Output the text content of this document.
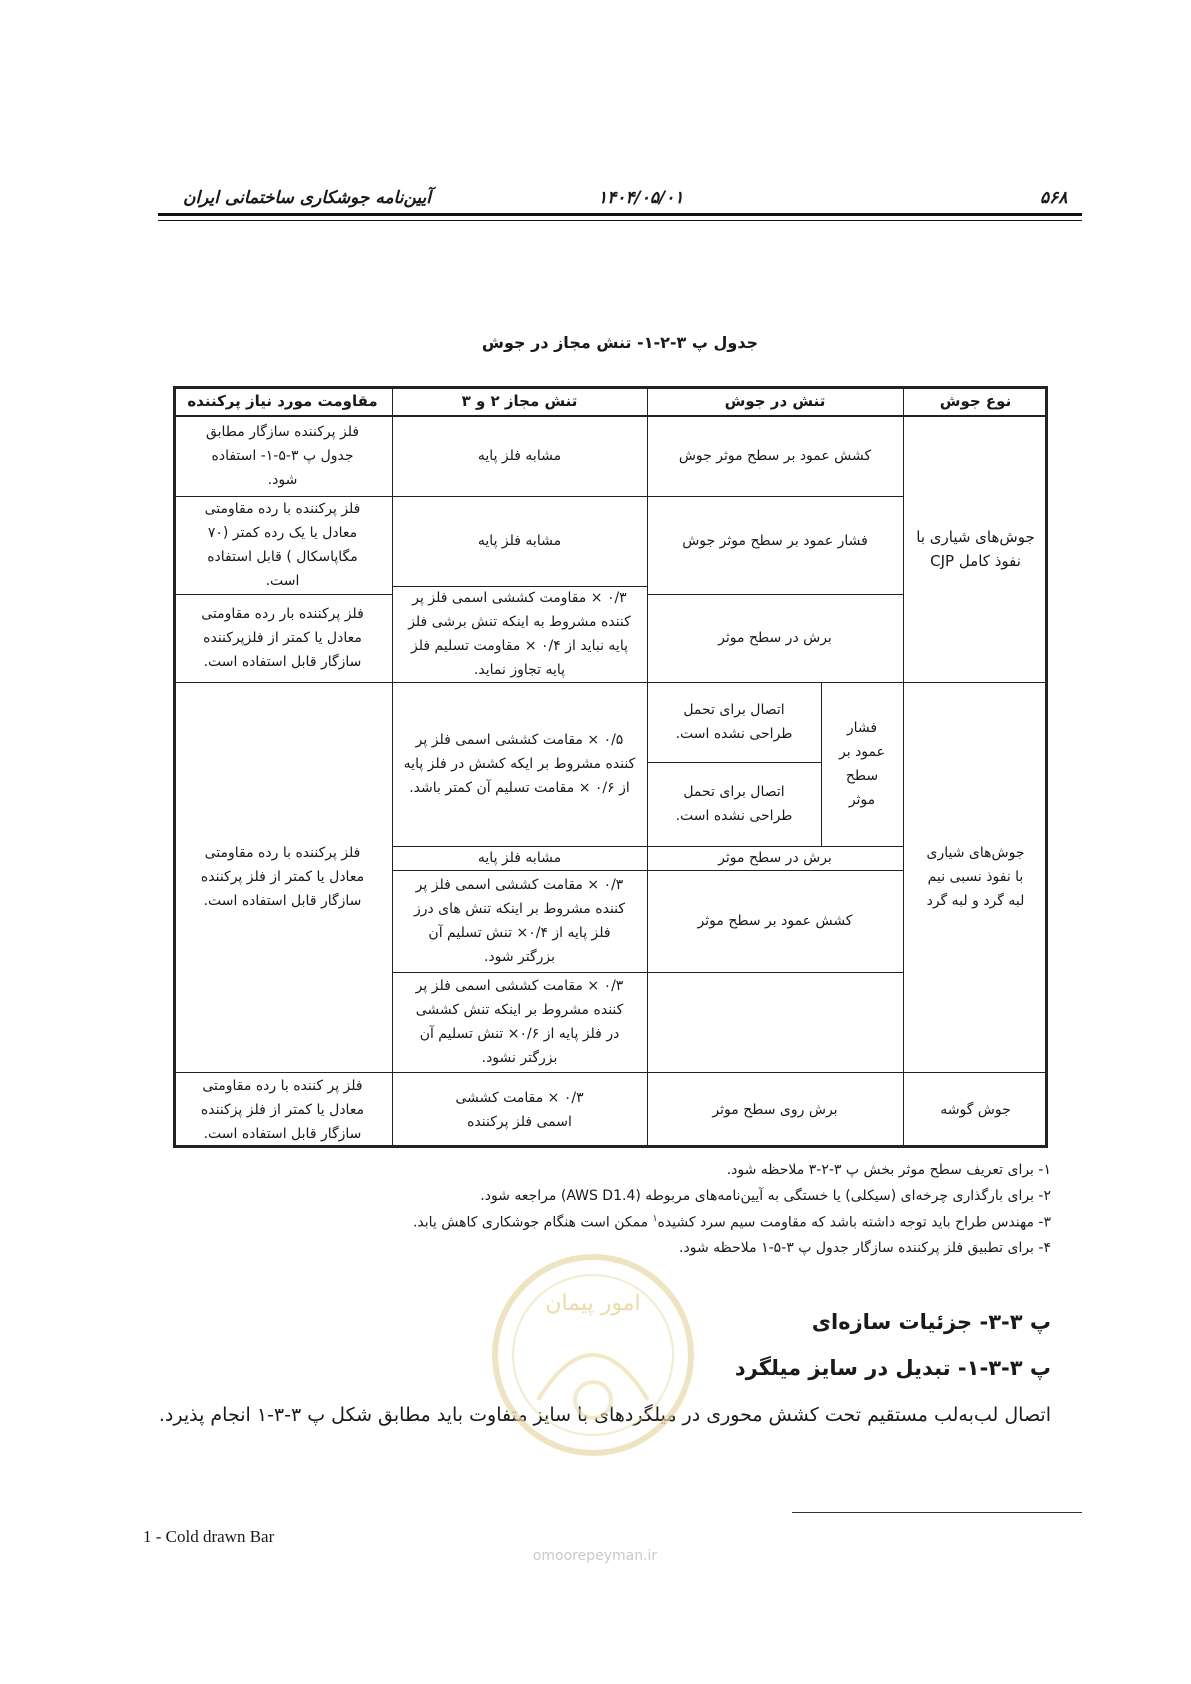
آیین‌نامه جوشکاری ساختمانی ایران	۱۴۰۴/۰۵/۰۱	۵۶۸
جدول پ ۳-۲-۱- تنش مجاز در جوش
نوع جوش
تنش در جوش
تنش مجاز ۲ و ۳
مقاومت مورد نیاز پرکننده
جوش‌های شیاری با نفوذ کامل CJP
کشش عمود بر سطح موثر جوش
مشابه فلز پایه
فلز پرکننده سازگار مطابق جدول پ ۳-۵-۱- استفاده شود.
فشار عمود بر سطح موثر جوش
مشابه فلز پایه
فلز پرکننده با رده مقاومتی معادل یا یک رده کمتر (۷۰ مگاپاسکال ) قابل استفاده است.
برش در سطح موثر
۰/۳ × مقاومت کششی اسمی فلز پر کننده مشروط به اینکه تنش برشی فلز پایه نباید از ۰/۴ × مقاومت تسلیم فلز پایه تجاوز نماید.
فلز پرکننده بار رده مقاومتی معادل یا کمتر از فلزپرکننده سازگار قابل استفاده است.
جوش‌های شیاری با نفوذ نسبی نیم لبه گرد و لبه گرد
فشار عمود بر سطح موثر
اتصال برای تحمل طراحی نشده است.
اتصال برای تحمل طراحی نشده است.
۰/۵ × مقامت کششی اسمی فلز پر کننده مشروط بر ایکه کشش در فلز پایه از ۰/۶ × مقامت تسلیم آن کمتر باشد.
برش در سطح موثر
مشابه فلز پایه
کشش عمود بر سطح موثر
۰/۳ × مقامت کششی اسمی فلز پر کننده مشروط بر اینکه تنش های درز فلز پایه از ۰/۴× تنش تسلیم آن بزرگتر شود.
۰/۳ × مقامت کششی اسمی فلز پر کننده مشروط بر اینکه تنش کششی در فلز پایه از ۰/۶× تنش تسلیم آن بزرگتر نشود.
فلز پرکننده با رده مقاومتی معادل یا کمتر از فلز پرکننده سازگار قابل استفاده است.
جوش گوشه
برش روی سطح موثر
۰/۳ × مقامت کششی اسمی فلز پرکننده
فلز پر کننده با رده مقاومتی معادل یا کمتر از فلز پزکننده سازگار قابل استفاده است.
۱- برای تعریف سطح موثر بخش پ ۳-۲-۳ ملاحظه شود.
۲- برای بارگذاری چرخه‌ای (سیکلی) یا خستگی به آیین‌نامه‌های مربوطه (AWS D1.4) مراجعه شود.
۳- مهندس طراح باید توجه داشته باشد که مقاومت سیم سرد کشیده$^۱$ ممکن است هنگام جوشکاری کاهش یابد.
۴- برای تطبیق فلز پرکننده سازگار جدول پ ۳-۵-۱ ملاحظه شود.
پ ۳-۳- جزئیات سازه‌ای
پ ۳-۳-۱- تبدیل در سایز میلگرد
اتصال لب‌به‌لب مستقیم تحت کشش محوری در میلگردهای با سایز متفاوت باید مطابق شکل پ ۳-۳-۱ انجام پذیرد.
1 - Cold drawn Bar
امور پیمان
omoorepeyman.ir
